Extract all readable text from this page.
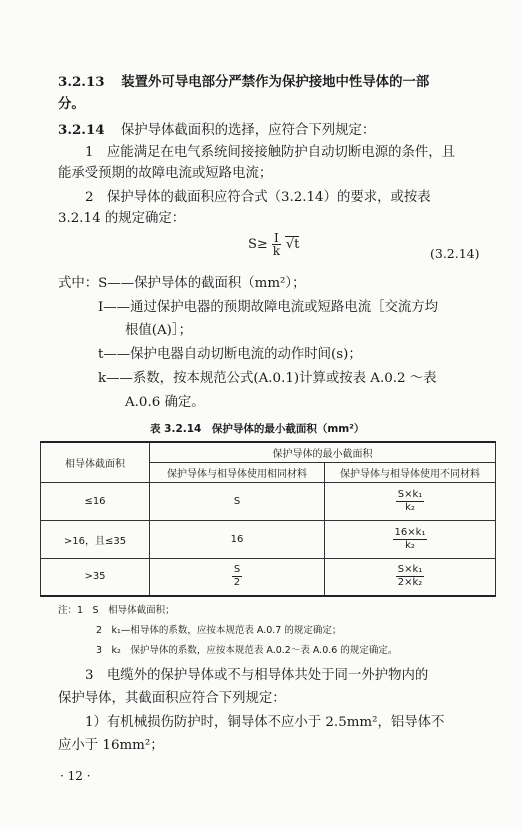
3.2.13 装置外可导电部分严禁作为保护接地中性导体的一部
分。
3.2.14 保护导体截面积的选择，应符合下列规定：
1　应能满足在电气系统间接接触防护自动切断电源的条件，且
能承受预期的故障电流或短路电流；
2　保护导体的截面积应符合式（3.2.14）的要求，或按表
3.2.14 的规定确定：
$S\ge \frac{I}{k} √t$
(3.2.14)
式中：S——保护导体的截面积（mm²）；
I——通过保护电器的预期故障电流或短路电流［交流方均
根值(A)］；
t——保护电器自动切断电流的动作时间(s)；
k——系数，按本规范公式(A.0.1)计算或按表 A.0.2 ～表
A.0.6 确定。
表 3.2.14　保护导体的最小截面积（mm²）
相导体截面积	保护导体的最小截面积	
	保护导体与相导体使用相同材料	保护导体与相导体使用不同材料
≤16	S	$\frac{\text{S×k₁}}{\text{k₂}}$

>16，且≤35	16	$\frac{\text{16×k₁}}{\text{k₂}}$

>35	$\frac{S}{2}$	$\frac{\text{S×k₁}}{\text{2×k₂}}$
注：1　S　相导体截面积；
2　k₁—相导体的系数，应按本规范表 A.0.7 的规定确定；
3　k₂　保护导体的系数，应按本规范表 A.0.2～表 A.0.6 的规定确定。
3　电缆外的保护导体或不与相导体共处于同一外护物内的
保护导体，其截面积应符合下列规定：
1）有机械损伤防护时，铜导体不应小于 2.5mm²，铝导体不
应小于 16mm²；
· 12 ·
